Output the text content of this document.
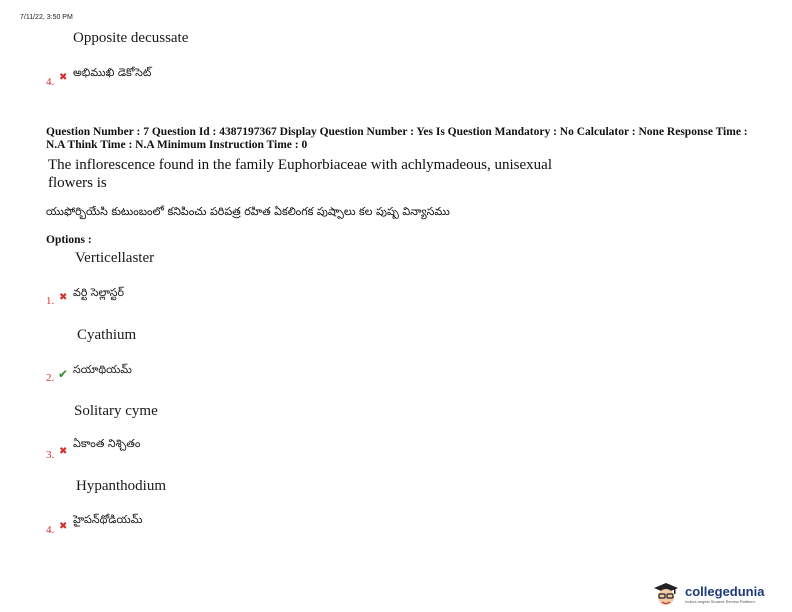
7/11/22, 3:50 PM
Opposite decussate
4. ✖ అభిముఖి డెకోసెట్
Question Number : 7 Question Id : 4387197367 Display Question Number : Yes Is Question Mandatory : No Calculator : None Response Time : N.A Think Time : N.A Minimum Instruction Time : 0
The inflorescence found in the family Euphorbiaceae with achlymadeous, unisexual flowers is
యుఫోర్బియేసి కుటుంబంలో కనిపించు పరిపత్ర రహిత ఏకలింగక పుష్పాలు కల పుష్ప విన్యాసము
Options :
Verticellaster
1. ✖ వర్టి సెల్లాస్టర్
Cyathium
2. ✔ సయాథియమ్
Solitary cyme
3. ✖
ఏకాంత నిశ్చితం
Hypanthodium
4. ✖
హైపన్‌థోడియమ్
collegedunia
India's largest Student Review Platform
